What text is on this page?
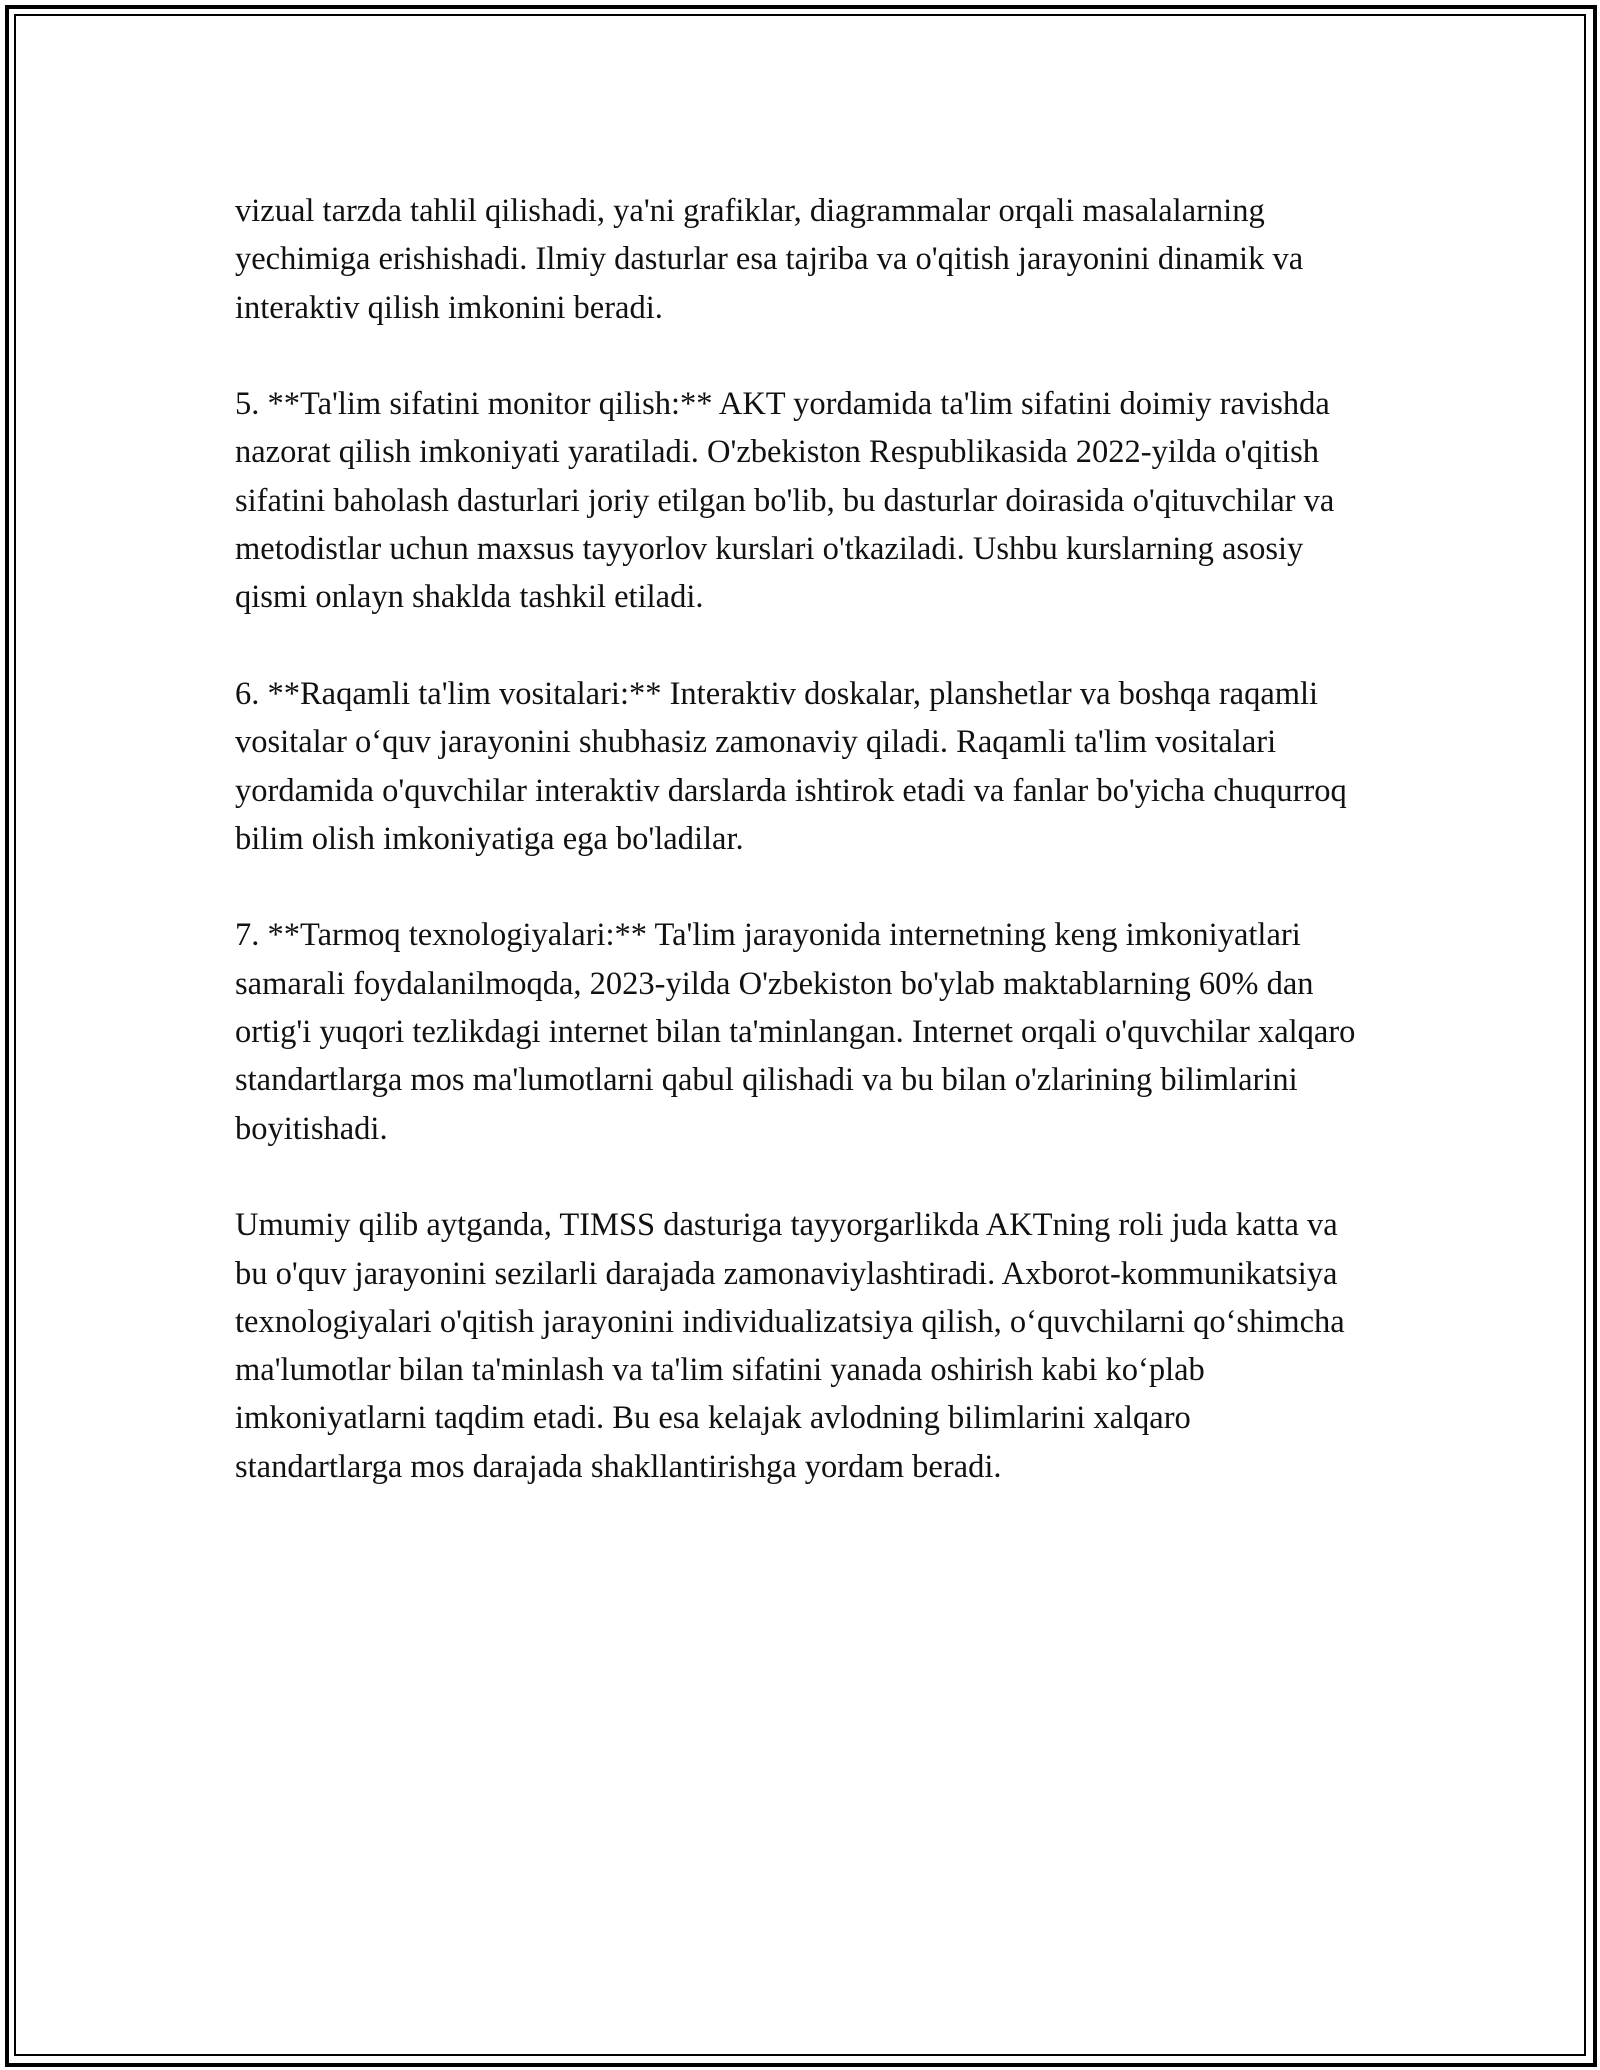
vizual tarzda tahlil qilishadi, ya'ni grafiklar, diagrammalar orqali masalalarning yechimiga erishishadi. Ilmiy dasturlar esa tajriba va o'qitish jarayonini dinamik va interaktiv qilish imkonini beradi.

5. **Ta'lim sifatini monitor qilish:** AKT yordamida ta'lim sifatini doimiy ravishda nazorat qilish imkoniyati yaratiladi. O'zbekiston Respublikasida 2022-yilda o'qitish sifatini baholash dasturlari joriy etilgan bo'lib, bu dasturlar doirasida o'qituvchilar va metodistlar uchun maxsus tayyorlov kurslari o'tkaziladi. Ushbu kurslarning asosiy qismi onlayn shaklda tashkil etiladi.

6. **Raqamli ta'lim vositalari:** Interaktiv doskalar, planshetlar va boshqa raqamli vositalar o‘quv jarayonini shubhasiz zamonaviy qiladi. Raqamli ta'lim vositalari yordamida o'quvchilar interaktiv darslarda ishtirok etadi va fanlar bo'yicha chuqurroq bilim olish imkoniyatiga ega bo'ladilar.

7. **Tarmoq texnologiyalari:** Ta'lim jarayonida internetning keng imkoniyatlari samarali foydalanilmoqda, 2023-yilda O'zbekiston bo'ylab maktablarning 60% dan ortig'i yuqori tezlikdagi internet bilan ta'minlangan. Internet orqali o'quvchilar xalqaro standartlarga mos ma'lumotlarni qabul qilishadi va bu bilan o'zlarining bilimlarini boyitishadi.

Umumiy qilib aytganda, TIMSS dasturiga tayyorgarlikda AKTning roli juda katta va bu o'quv jarayonini sezilarli darajada zamonaviylashtiradi. Axborot-kommunikatsiya texnologiyalari o'qitish jarayonini individualizatsiya qilish, o‘quvchilarni qo‘shimcha ma'lumotlar bilan ta'minlash va ta'lim sifatini yanada oshirish kabi ko‘plab imkoniyatlarni taqdim etadi. Bu esa kelajak avlodning bilimlarini xalqaro standartlarga mos darajada shakllantirishga yordam beradi.
